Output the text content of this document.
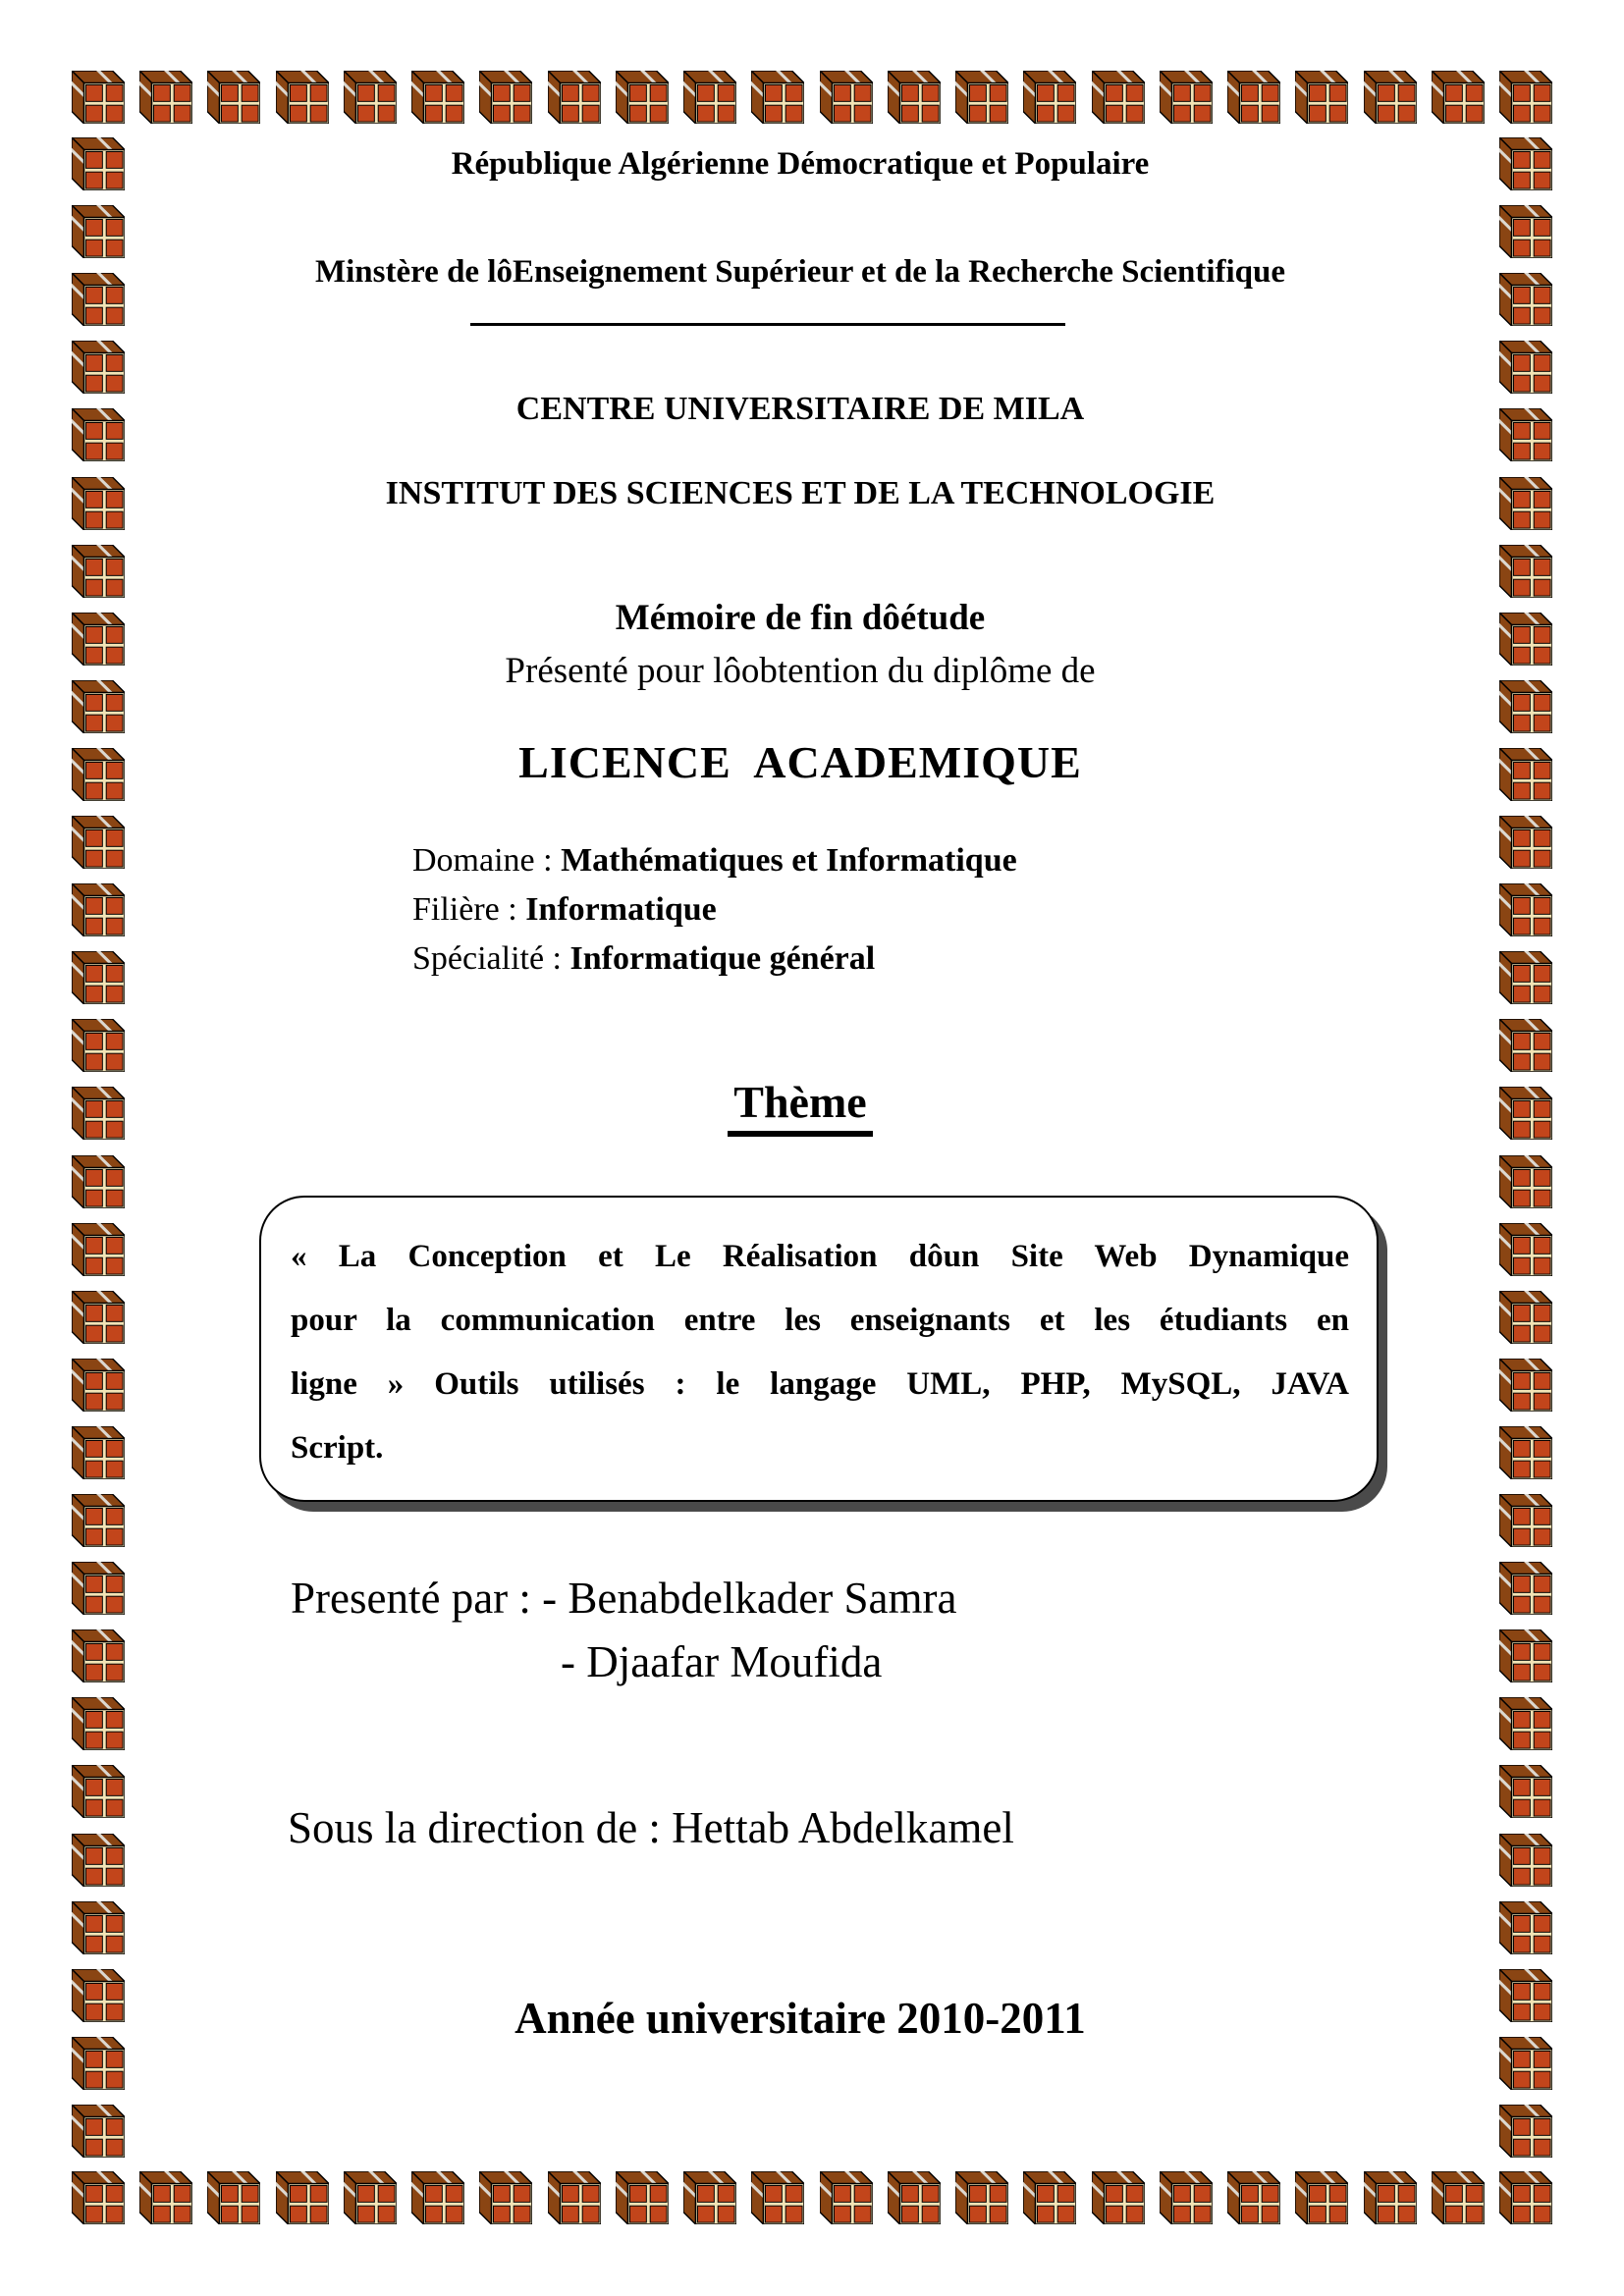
République Algérienne Démocratique et Populaire
Minstère de lôEnseignement Supérieur et de la Recherche Scientifique
CENTRE UNIVERSITAIRE DE MILA
INSTITUT DES SCIENCES ET DE LA TECHNOLOGIE
Mémoire de fin dôétude
Présenté pour lôobtention du diplôme de
LICENCE  ACADEMIQUE
Domaine : Mathématiques et Informatique
Filière : Informatique
Spécialité : Informatique général
Thème
« La Conception et Le Réalisation dôun Site Web Dynamique
pour la communication entre les enseignants et les étudiants en
ligne » Outils utilisés : le langage UML, PHP, MySQL, JAVA
Script.
Presenté par : - Benabdelkader Samra
- Djaafar Moufida
Sous la direction de : Hettab Abdelkamel
Année universitaire 2010-2011
